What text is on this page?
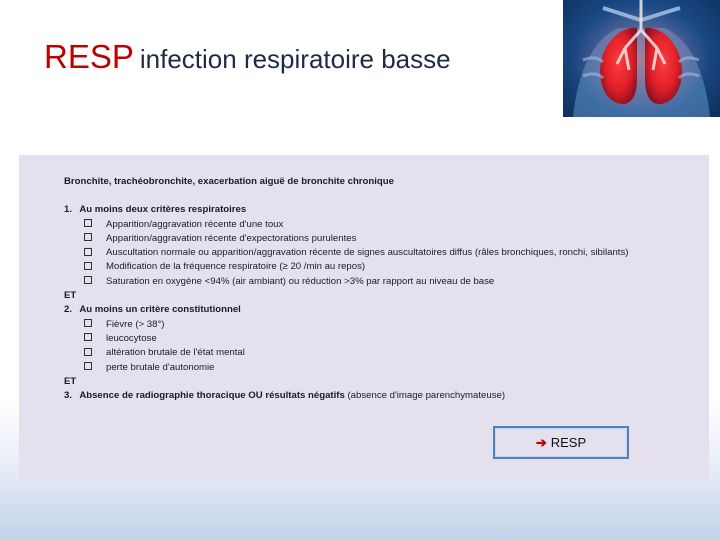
RESP infection respiratoire basse
Bronchite, trachéobronchite, exacerbation aiguë de bronchite chronique
1. Au moins deux critères respiratoires
Apparition/aggravation récente d'une toux
Apparition/aggravation récente d'expectorations purulentes
Auscultation normale ou apparition/aggravation récente de signes auscultatoires diffus (râles bronchiques, ronchi, sibilants)
Modification de la fréquence respiratoire (≥ 20 /min au repos)
Saturation en oxygène <94% (air ambiant) ou réduction >3% par rapport au niveau de base
ET
2. Au moins un critère constitutionnel
Fièvre (> 38°)
leucocytose
altération brutale de l'état mental
perte brutale d'autonomie
ET
3. Absence de radiographie thoracique OU résultats négatifs (absence d'image parenchymateuse)
➔ RESP
